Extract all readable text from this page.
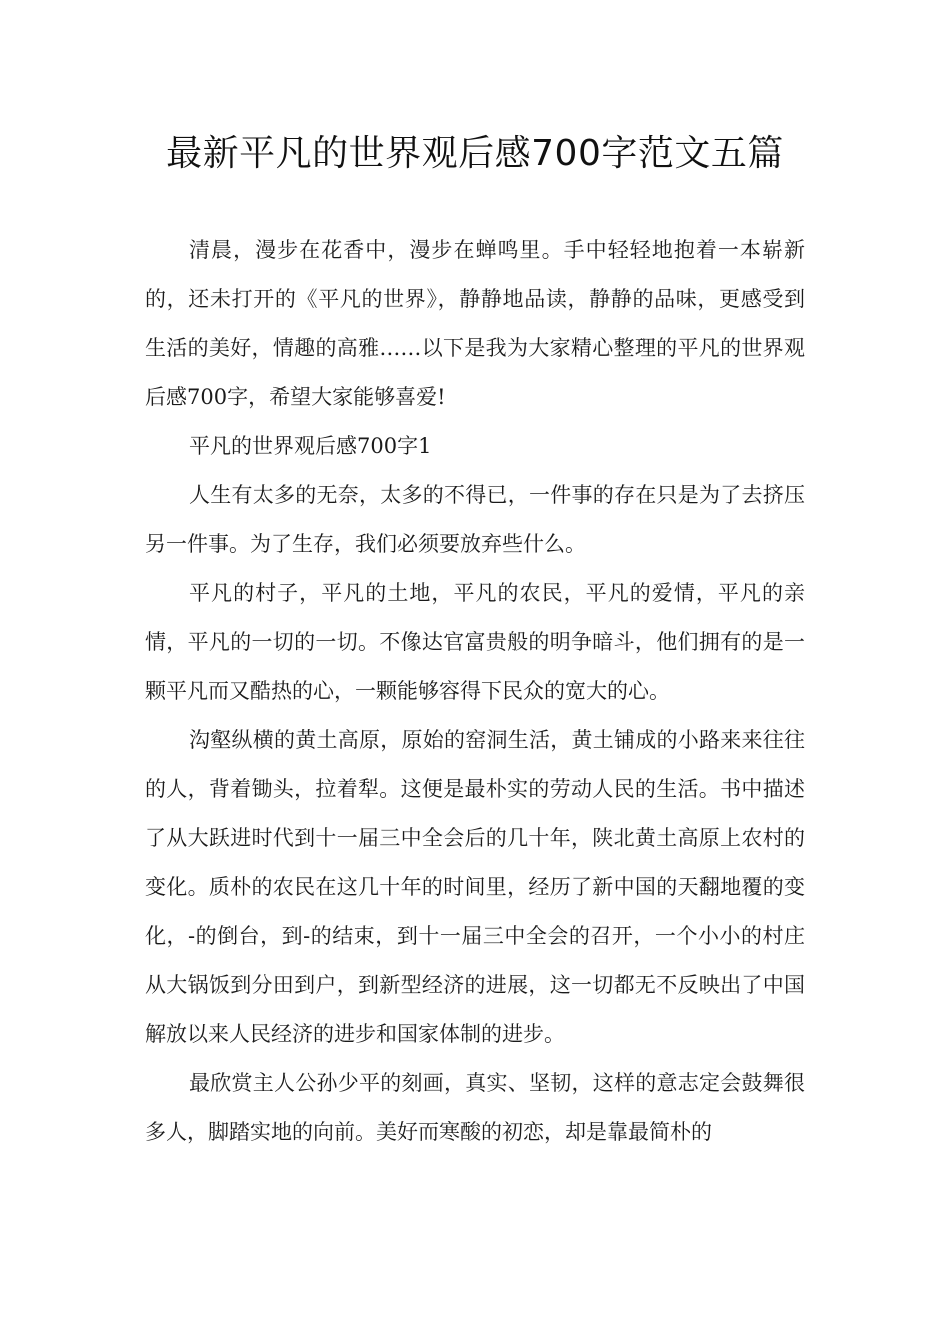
最新平凡的世界观后感700字范文五篇

清晨，漫步在花香中，漫步在蝉鸣里。手中轻轻地抱着一本崭新的，还未打开的《平凡的世界》，静静地品读，静静的品味，更感受到生活的美好，情趣的高雅……以下是我为大家精心整理的平凡的世界观后感700字，希望大家能够喜爱!

平凡的世界观后感700字1

人生有太多的无奈，太多的不得已，一件事的存在只是为了去挤压另一件事。为了生存，我们必须要放弃些什么。

平凡的村子，平凡的土地，平凡的农民，平凡的爱情，平凡的亲情，平凡的一切的一切。不像达官富贵般的明争暗斗，他们拥有的是一颗平凡而又酷热的心，一颗能够容得下民众的宽大的心。

沟壑纵横的黄土高原，原始的窑洞生活，黄土铺成的小路来来往往的人，背着锄头，拉着犁。这便是最朴实的劳动人民的生活。书中描述了从大跃进时代到十一届三中全会后的几十年，陕北黄土高原上农村的变化。质朴的农民在这几十年的时间里，经历了新中国的天翻地覆的变化，-的倒台，到-的结束，到十一届三中全会的召开，一个小小的村庄从大锅饭到分田到户，到新型经济的进展，这一切都无不反映出了中国解放以来人民经济的进步和国家体制的进步。

最欣赏主人公孙少平的刻画，真实、坚韧，这样的意志定会鼓舞很多人，脚踏实地的向前。美好而寒酸的初恋，却是靠最简朴的
